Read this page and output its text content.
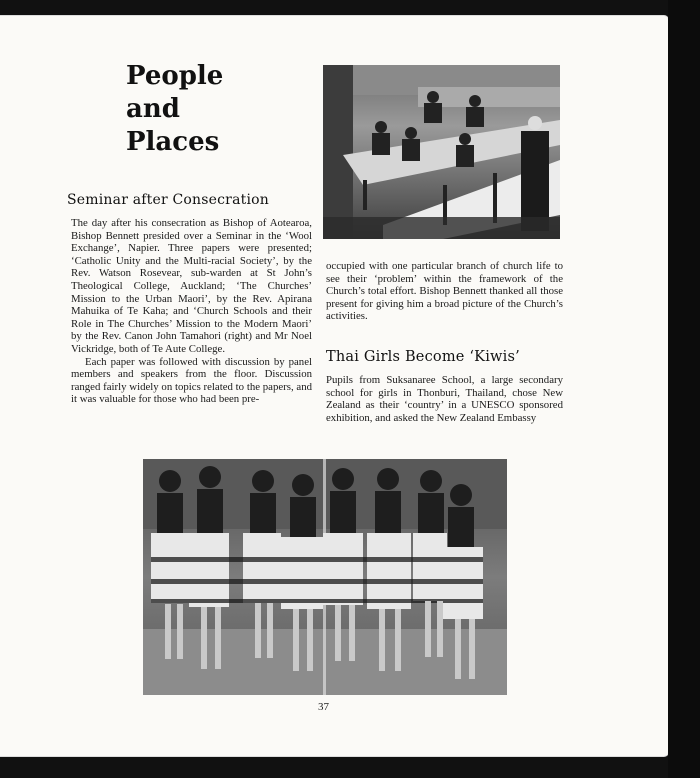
People
and
Places
Seminar after Consecration

The day after his consecration as Bishop of Aotearoa, Bishop Bennett presided over a Seminar in the ‘Wool Exchange’, Napier. Three papers were presented; ‘Catholic Unity and the Multi-racial Society’, by the Rev. Watson Rosevear, sub-warden at St John’s Theological College, Auckland; ‘The Churches’ Mission to the Urban Maori’, by the Rev. Apirana Mahuika of Te Kaha; and ‘Church Schools and their Role in The Churches’ Mission to the Modern Maori’ by the Rev. Canon John Tamahori (right) and Mr Noel Vickridge, both of Te Aute College.

Each paper was followed with discussion by panel members and speakers from the floor. Discussion ranged fairly widely on topics related to the papers, and it was valuable for those who had been pre-

occupied with one particular branch of church life to see their ‘problem’ within the framework of the Church’s total effort. Bishop Bennett thanked all those present for giving him a broad picture of the Church’s activities.

Thai Girls Become ‘Kiwis’

Pupils from Suksanaree School, a large secondary school for girls in Thonburi, Thailand, chose New Zealand as their ‘country’ in a UNESCO sponsored exhibition, and asked the New Zealand Embassy

37
